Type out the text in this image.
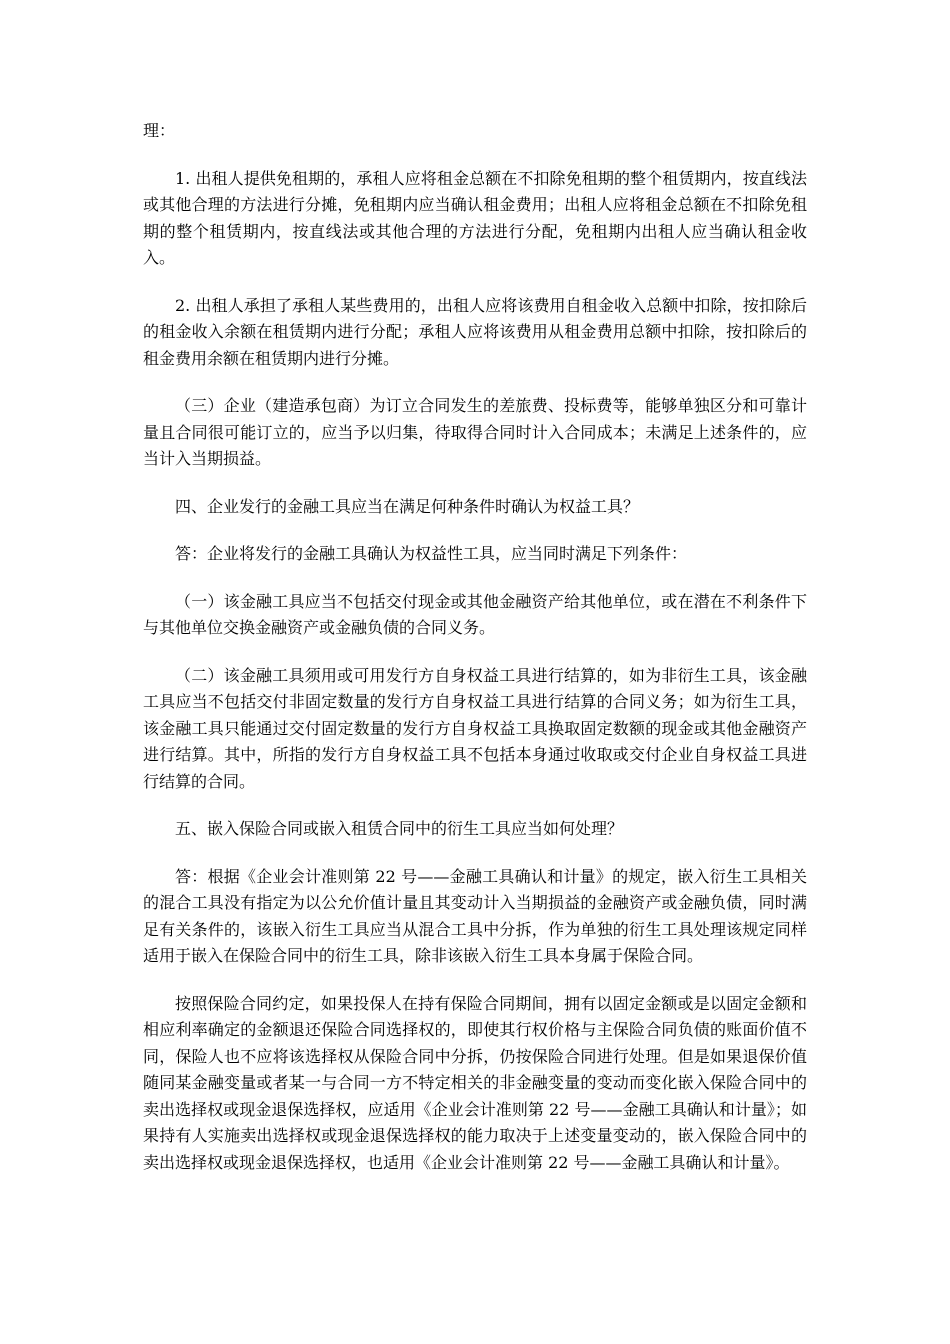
理：

1. 出租人提供免租期的，承租人应将租金总额在不扣除免租期的整个租赁期内，按直线法或其他合理的方法进行分摊，免租期内应当确认租金费用；出租人应将租金总额在不扣除免租期的整个租赁期内，按直线法或其他合理的方法进行分配，免租期内出租人应当确认租金收入。

2. 出租人承担了承租人某些费用的，出租人应将该费用自租金收入总额中扣除，按扣除后的租金收入余额在租赁期内进行分配；承租人应将该费用从租金费用总额中扣除，按扣除后的租金费用余额在租赁期内进行分摊。

（三）企业（建造承包商）为订立合同发生的差旅费、投标费等，能够单独区分和可靠计量且合同很可能订立的，应当予以归集，待取得合同时计入合同成本；未满足上述条件的，应当计入当期损益。

四、企业发行的金融工具应当在满足何种条件时确认为权益工具？

答：企业将发行的金融工具确认为权益性工具，应当同时满足下列条件：

（一）该金融工具应当不包括交付现金或其他金融资产给其他单位，或在潜在不利条件下与其他单位交换金融资产或金融负债的合同义务。

（二）该金融工具须用或可用发行方自身权益工具进行结算的，如为非衍生工具，该金融工具应当不包括交付非固定数量的发行方自身权益工具进行结算的合同义务；如为衍生工具，该金融工具只能通过交付固定数量的发行方自身权益工具换取固定数额的现金或其他金融资产进行结算。其中，所指的发行方自身权益工具不包括本身通过收取或交付企业自身权益工具进行结算的合同。

五、嵌入保险合同或嵌入租赁合同中的衍生工具应当如何处理？

答：根据《企业会计准则第 22 号——金融工具确认和计量》的规定，嵌入衍生工具相关的混合工具没有指定为以公允价值计量且其变动计入当期损益的金融资产或金融负债，同时满足有关条件的，该嵌入衍生工具应当从混合工具中分拆，作为单独的衍生工具处理该规定同样适用于嵌入在保险合同中的衍生工具，除非该嵌入衍生工具本身属于保险合同。

按照保险合同约定，如果投保人在持有保险合同期间，拥有以固定金额或是以固定金额和相应利率确定的金额退还保险合同选择权的，即使其行权价格与主保险合同负债的账面价值不同，保险人也不应将该选择权从保险合同中分拆，仍按保险合同进行处理。但是如果退保价值随同某金融变量或者某一与合同一方不特定相关的非金融变量的变动而变化嵌入保险合同中的卖出选择权或现金退保选择权，应适用《企业会计准则第 22 号——金融工具确认和计量》；如果持有人实施卖出选择权或现金退保选择权的能力取决于上述变量变动的，嵌入保险合同中的卖出选择权或现金退保选择权，也适用《企业会计准则第 22 号——金融工具确认和计量》。
